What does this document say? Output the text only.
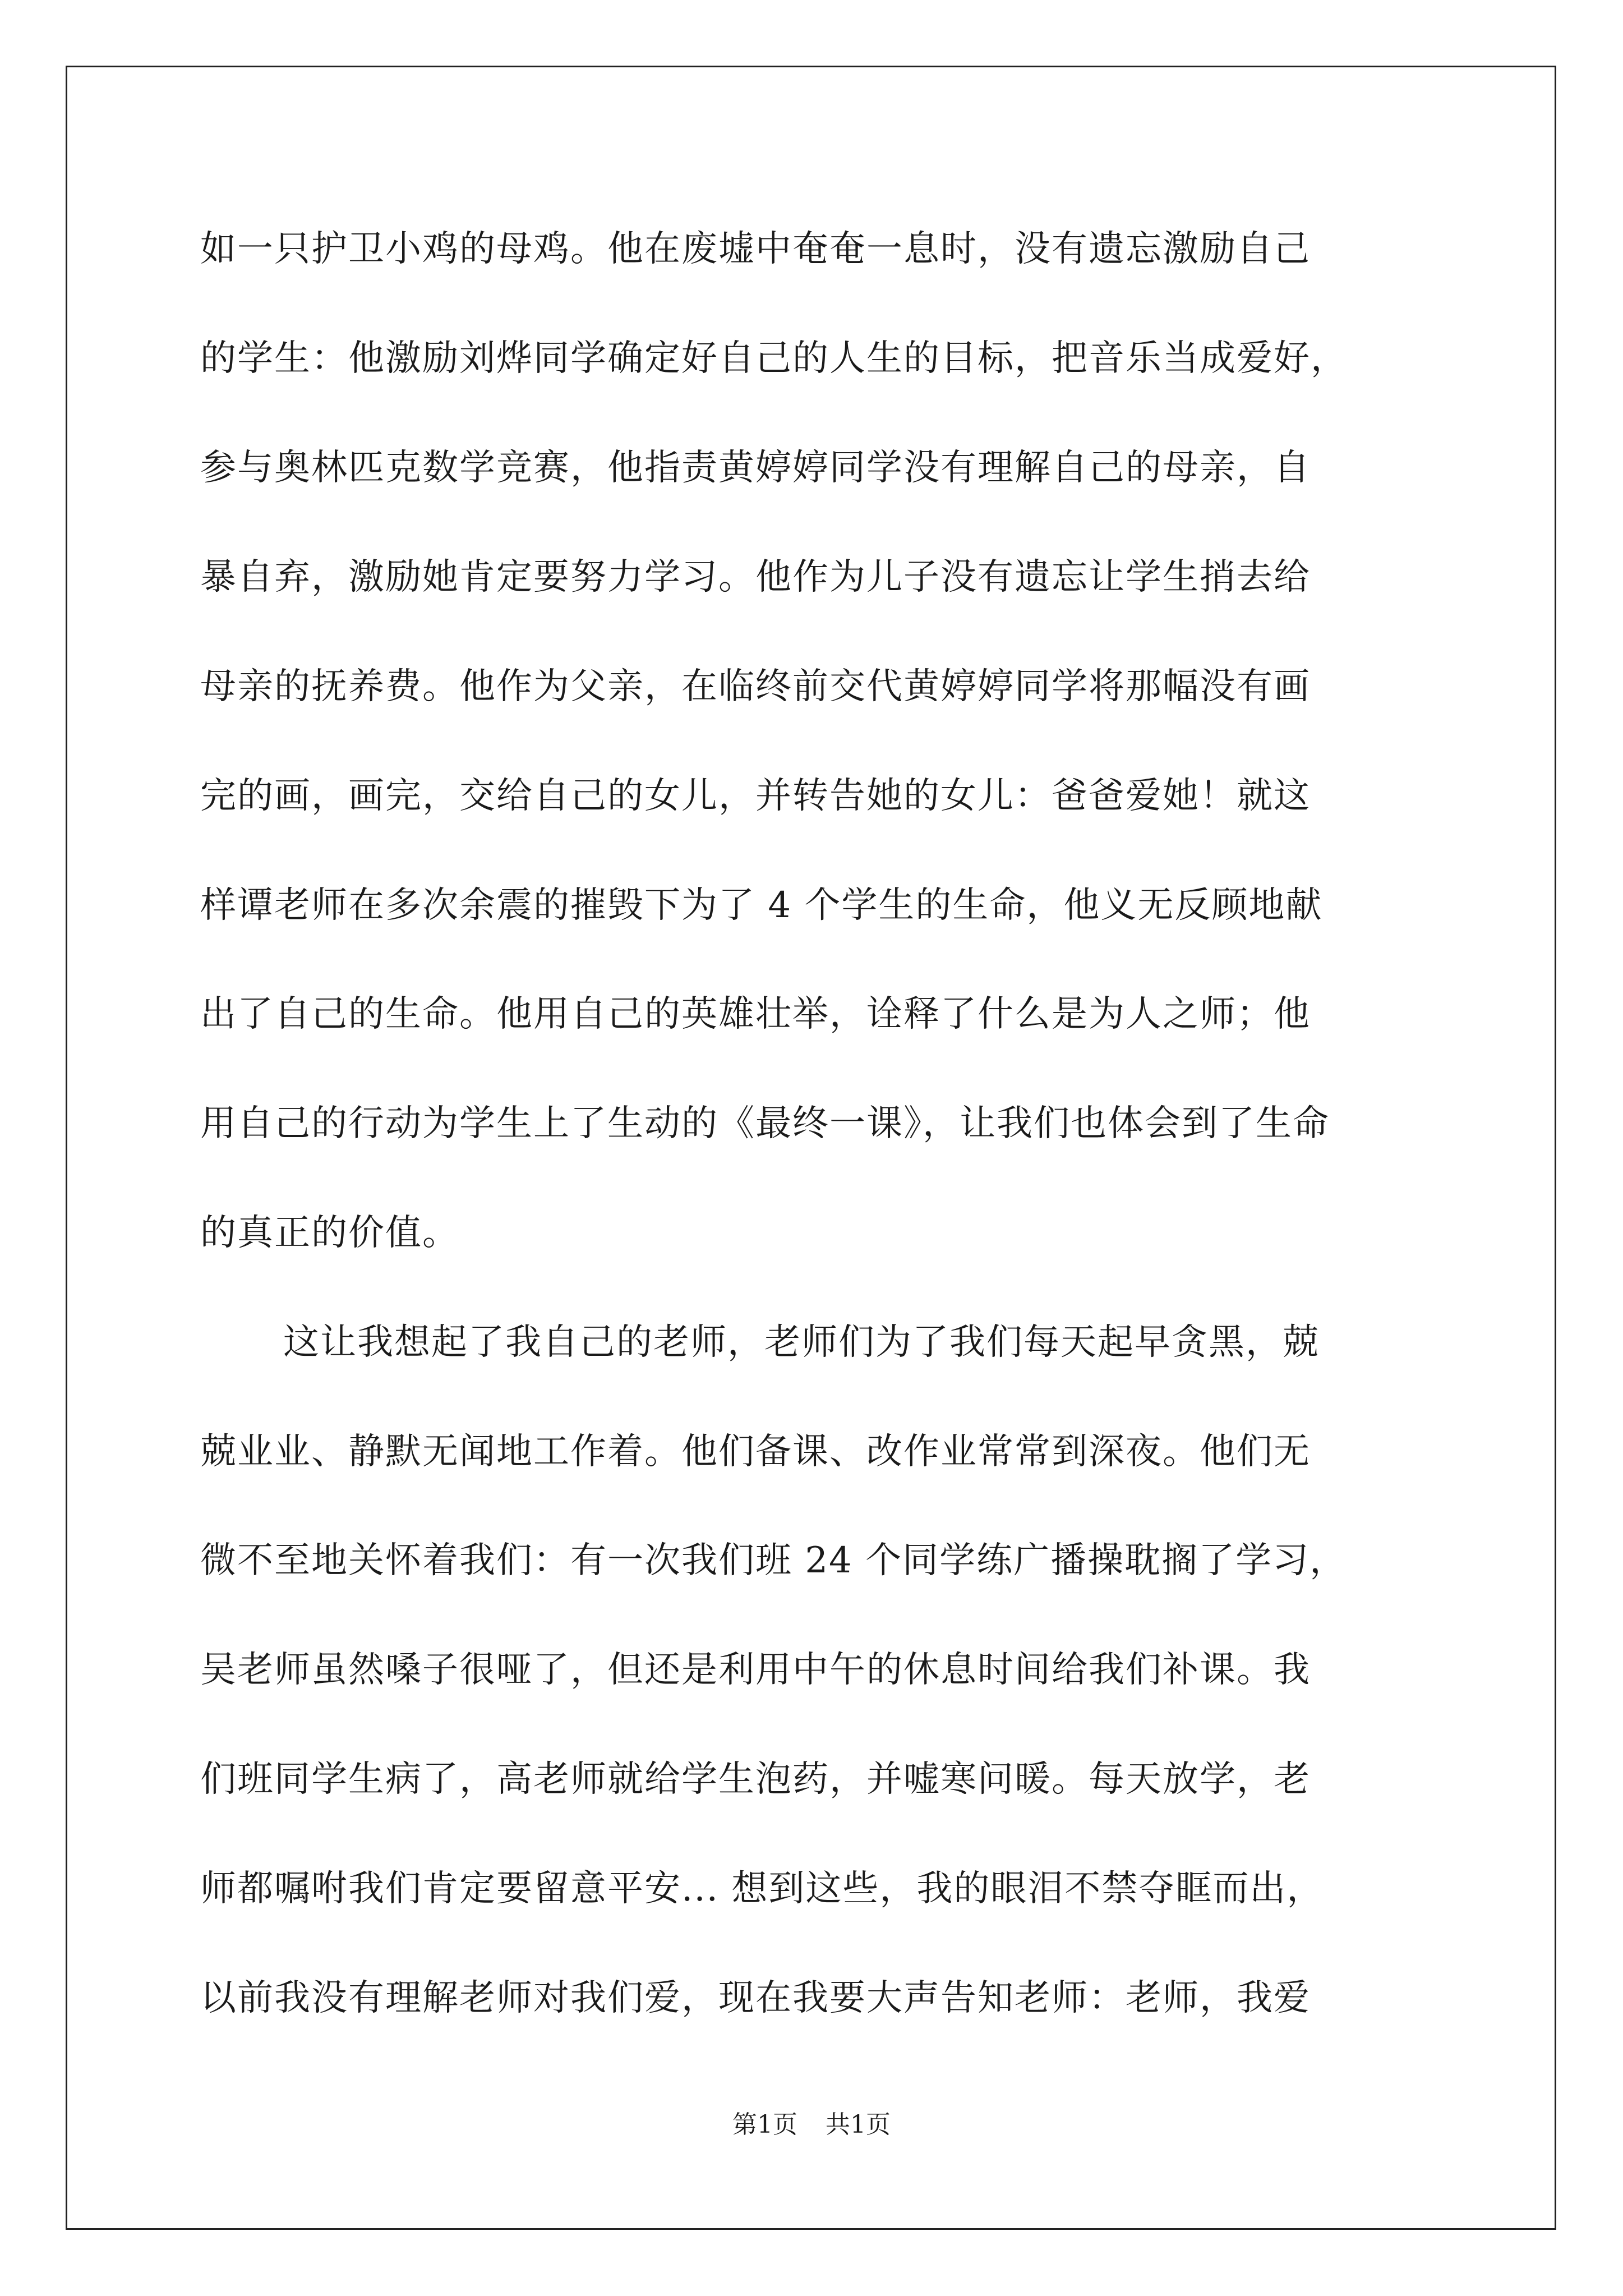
如一只护卫小鸡的母鸡。他在废墟中奄奄一息时，没有遗忘激励自己
的学生：他激励刘烨同学确定好自己的人生的目标，把音乐当成爱好，
参与奥林匹克数学竞赛，他指责黄婷婷同学没有理解自己的母亲，自
暴自弃，激励她肯定要努力学习。他作为儿子没有遗忘让学生捎去给
母亲的抚养费。他作为父亲，在临终前交代黄婷婷同学将那幅没有画
完的画，画完，交给自己的女儿，并转告她的女儿：爸爸爱她！就这
样谭老师在多次余震的摧毁下为了 4 个学生的生命，他义无反顾地献
出了自己的生命。他用自己的英雄壮举，诠释了什么是为人之师；他
用自己的行动为学生上了生动的《最终一课》，让我们也体会到了生命
的真正的价值。
这让我想起了我自己的老师，老师们为了我们每天起早贪黑，兢
兢业业、静默无闻地工作着。他们备课、改作业常常到深夜。他们无
微不至地关怀着我们：有一次我们班 24 个同学练广播操耽搁了学习，
吴老师虽然嗓子很哑了，但还是利用中午的休息时间给我们补课。我
们班同学生病了，高老师就给学生泡药，并嘘寒问暖。每天放学，老
师都嘱咐我们肯定要留意平安... 想到这些，我的眼泪不禁夺眶而出，
以前我没有理解老师对我们爱，现在我要大声告知老师：老师，我爱
第1页 共1页
